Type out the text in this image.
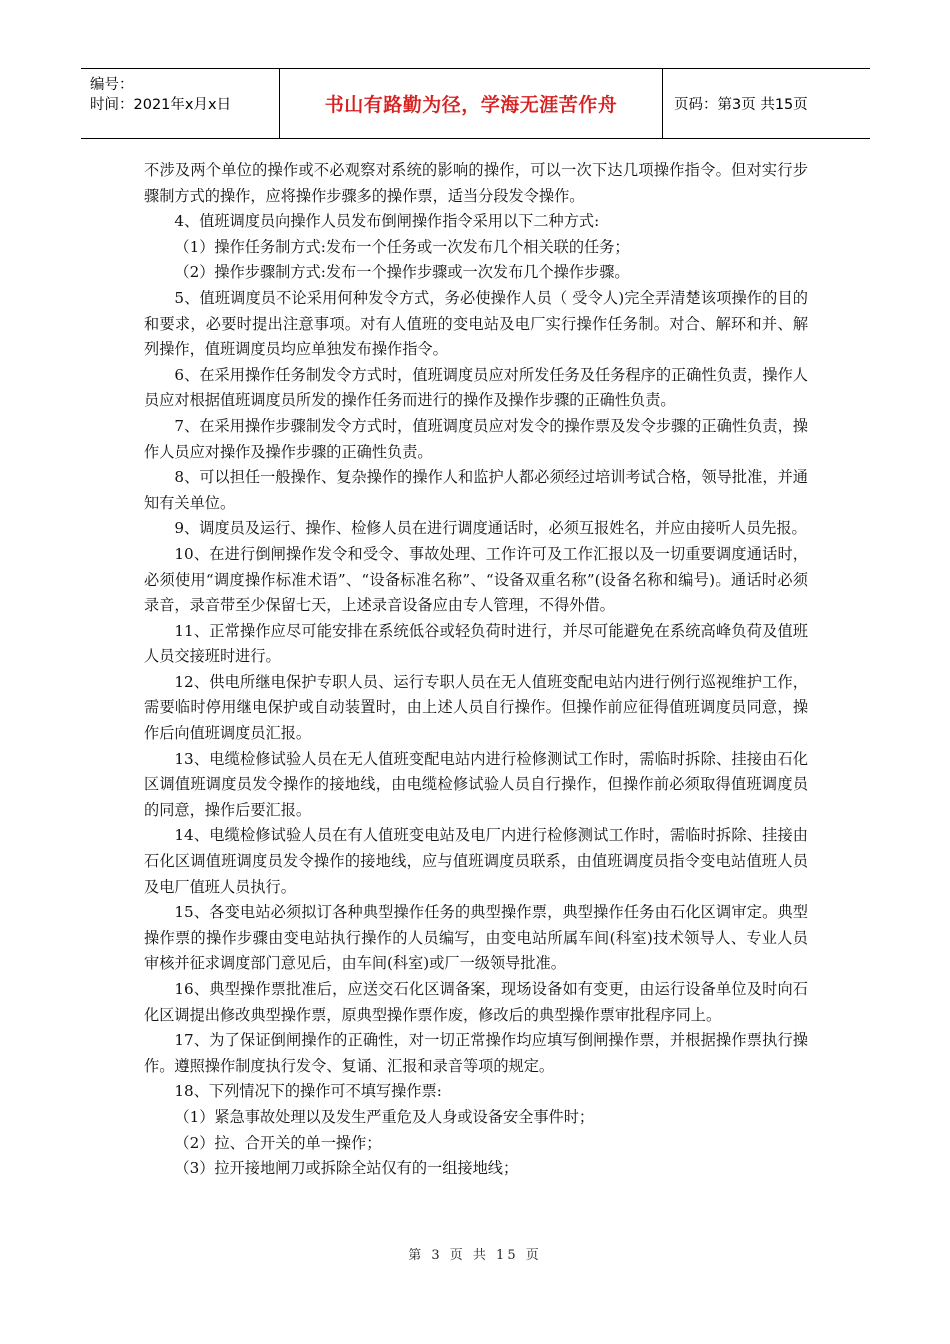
编号：
时间：2021年x月x日	书山有路勤为径，学海无涯苦作舟	页码：第3页 共15页

不涉及两个单位的操作或不必观察对系统的影响的操作，可以一次下达几项操作指令。但对实行步骤制方式的操作，应将操作步骤多的操作票，适当分段发令操作。

4、值班调度员向操作人员发布倒闸操作指令采用以下二种方式:

（1）操作任务制方式:发布一个任务或一次发布几个相关联的任务；

（2）操作步骤制方式:发布一个操作步骤或一次发布几个操作步骤。

5、值班调度员不论采用何种发令方式，务必使操作人员（ 受令人)完全弄清楚该项操作的目的和要求，必要时提出注意事项。对有人值班的变电站及电厂实行操作任务制。对合、解环和并、解列操作，值班调度员均应单独发布操作指令。

6、在采用操作任务制发令方式时，值班调度员应对所发任务及任务程序的正确性负责，操作人员应对根据值班调度员所发的操作任务而进行的操作及操作步骤的正确性负责。

7、在采用操作步骤制发令方式时，值班调度员应对发令的操作票及发令步骤的正确性负责，操作人员应对操作及操作步骤的正确性负责。

8、可以担任一般操作、复杂操作的操作人和监护人都必须经过培训考试合格，领导批准，并通知有关单位。

9、调度员及运行、操作、检修人员在进行调度通话时，必须互报姓名，并应由接听人员先报。

10、在进行倒闸操作发令和受令、事故处理、工作许可及工作汇报以及一切重要调度通话时，必须使用“调度操作标准术语”、“设备标准名称”、“设备双重名称”(设备名称和编号)。通话时必须录音，录音带至少保留七天，上述录音设备应由专人管理，不得外借。

11、正常操作应尽可能安排在系统低谷或轻负荷时进行，并尽可能避免在系统高峰负荷及值班人员交接班时进行。

12、供电所继电保护专职人员、运行专职人员在无人值班变配电站内进行例行巡视维护工作，需要临时停用继电保护或自动装置时，由上述人员自行操作。但操作前应征得值班调度员同意，操作后向值班调度员汇报。

13、电缆检修试验人员在无人值班变配电站内进行检修测试工作时，需临时拆除、挂接由石化区调值班调度员发令操作的接地线，由电缆检修试验人员自行操作，但操作前必须取得值班调度员的同意，操作后要汇报。

14、电缆检修试验人员在有人值班变电站及电厂内进行检修测试工作时，需临时拆除、挂接由石化区调值班调度员发令操作的接地线，应与值班调度员联系，由值班调度员指令变电站值班人员及电厂值班人员执行。

15、各变电站必须拟订各种典型操作任务的典型操作票，典型操作任务由石化区调审定。典型操作票的操作步骤由变电站执行操作的人员编写，由变电站所属车间(科室)技术领导人、专业人员审核并征求调度部门意见后，由车间(科室)或厂一级领导批准。

16、典型操作票批准后，应送交石化区调备案，现场设备如有变更，由运行设备单位及时向石化区调提出修改典型操作票，原典型操作票作废，修改后的典型操作票审批程序同上。

17、为了保证倒闸操作的正确性，对一切正常操作均应填写倒闸操作票，并根据操作票执行操作。遵照操作制度执行发令、复诵、汇报和录音等项的规定。

18、下列情况下的操作可不填写操作票:

（1）紧急事故处理以及发生严重危及人身或设备安全事件时；

（2）拉、合开关的单一操作；

（3）拉开接地闸刀或拆除全站仅有的一组接地线；

第 3 页 共 15 页
